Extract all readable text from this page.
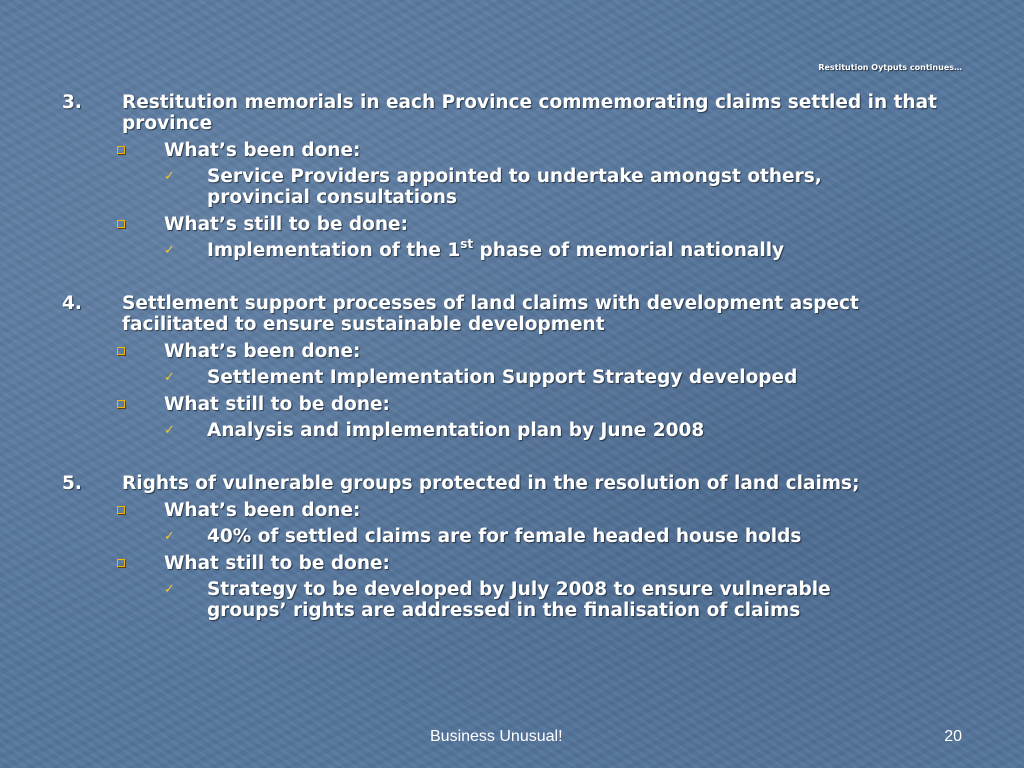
Restitution Oytputs continues…
3. Restitution memorials in each Province commemorating claims settled in that province
What’s been done:
✓ Service Providers appointed to undertake amongst others, provincial consultations
What’s still to be done:
✓ Implementation of the 1st phase of memorial nationally
4. Settlement support processes of land claims with development aspect facilitated to ensure sustainable development
What’s been done:
✓ Settlement Implementation Support Strategy developed
What still to be done:
✓ Analysis and implementation plan by June 2008
5. Rights of vulnerable groups protected in the resolution of land claims;
What’s been done:
✓ 40% of settled claims are for female headed house holds
What still to be done:
✓ Strategy to be developed by July 2008 to ensure vulnerable groups’ rights are addressed in the finalisation of claims
Business Unusual!	20
